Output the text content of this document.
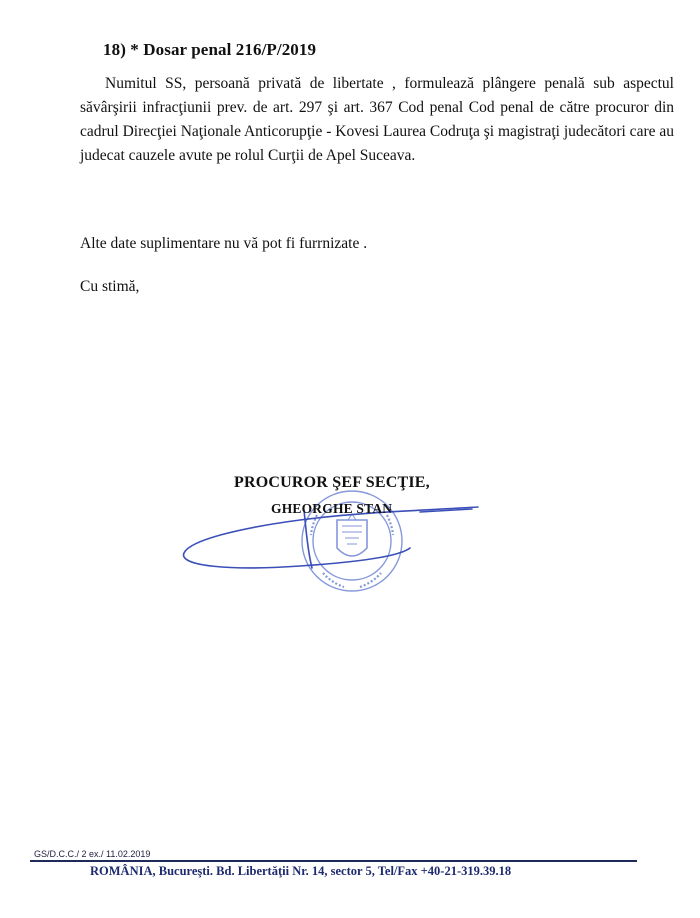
18) * Dosar penal 216/P/2019
Numitul SS, persoană privată de libertate , formulează plângere penală sub aspectul săvârşirii infracţiunii prev. de art. 297 şi art. 367 Cod penal Cod penal de către procuror din cadrul Direcţiei Naţionale Anticorupţie - Kovesi Laurea Codruţa şi magistraţi judecători care au judecat cauzele avute pe rolul Curţii de Apel Suceava.
Alte date suplimentare nu vă pot fi furrnizate .
Cu stimă,
PROCUROR ŞEF SECŢIE,
GHEORGHE STAN
GS/D.C.C./ 2 ex./ 11.02.2019
ROMÂNIA, Bucureşti. Bd. Libertăţii Nr. 14, sector 5, Tel/Fax +40-21-319.39.18
